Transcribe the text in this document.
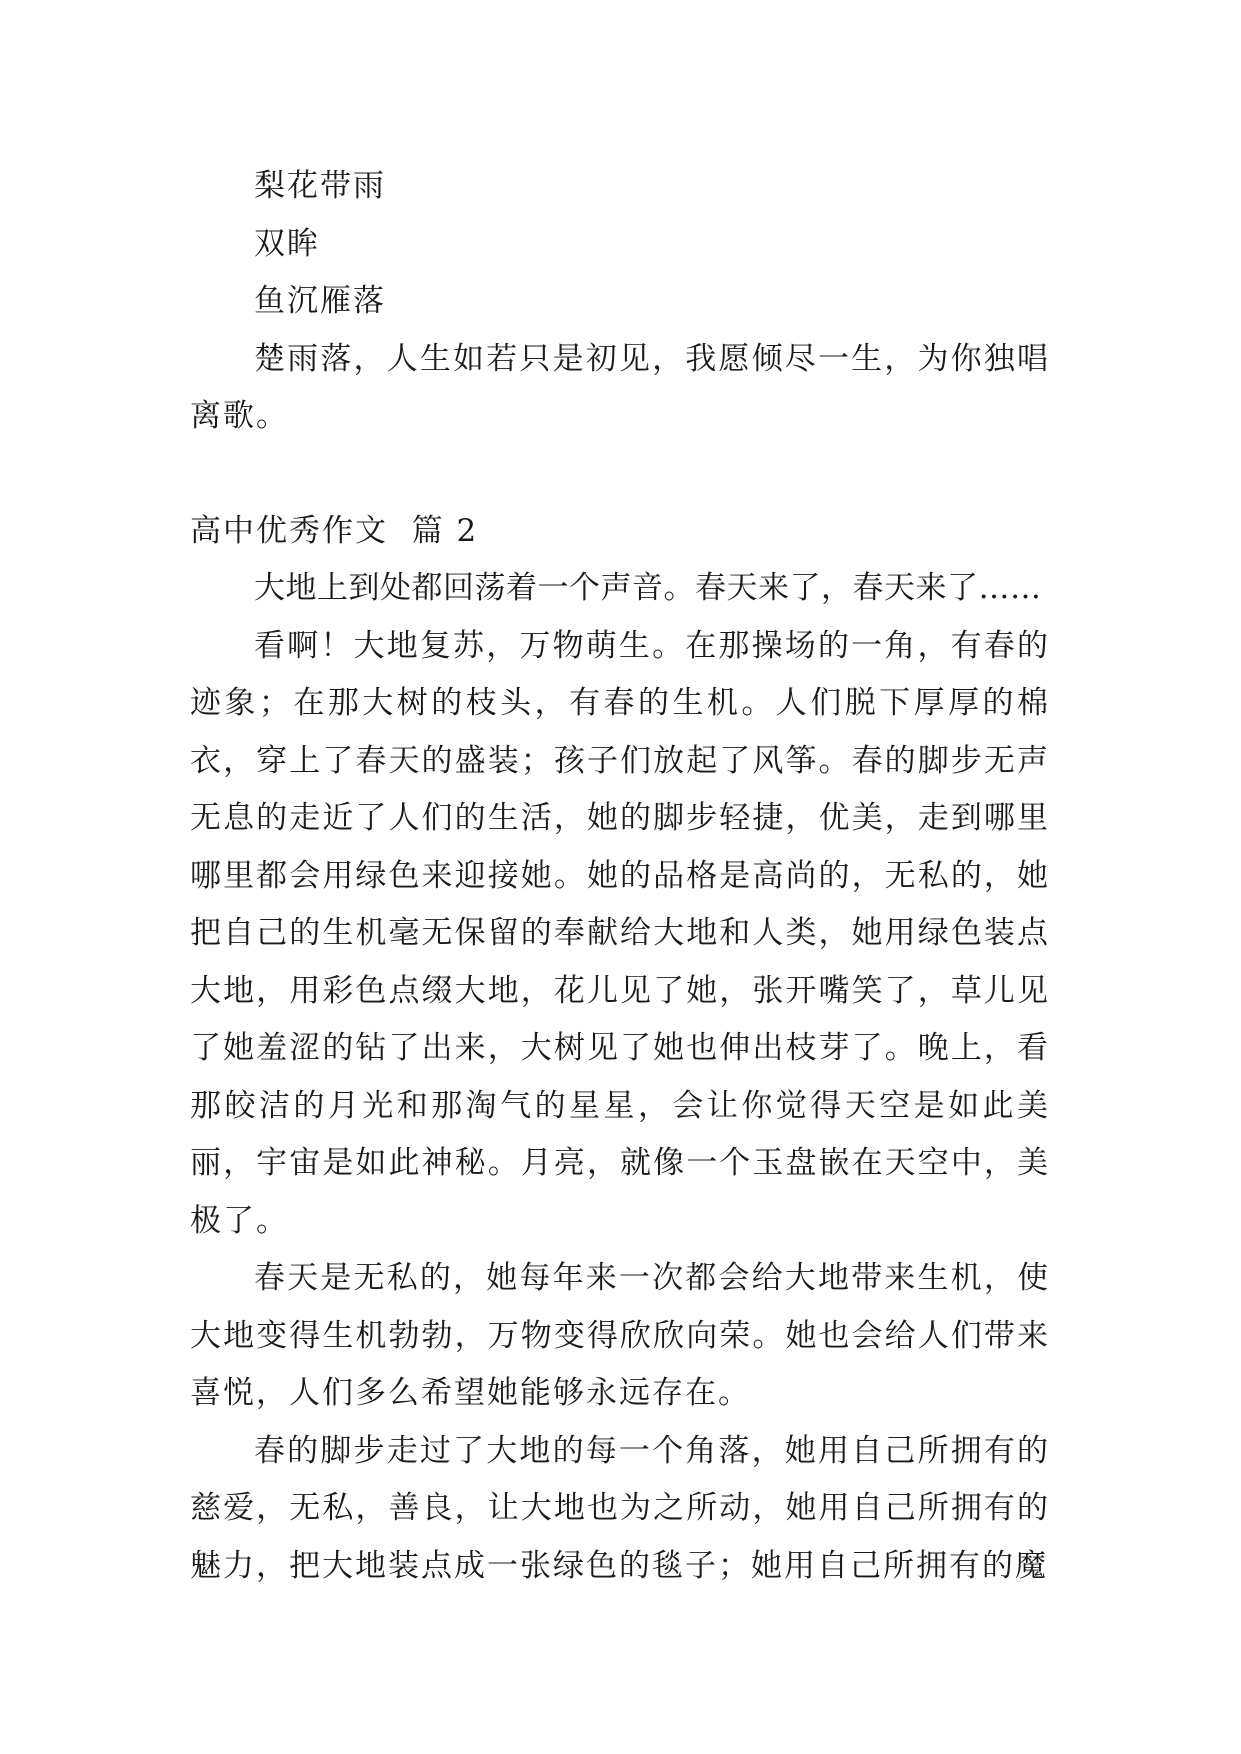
梨花带雨

双眸

鱼沉雁落

楚雨落，人生如若只是初见，我愿倾尽一生，为你独唱离歌。

高中优秀作文  篇 2

大地上到处都回荡着一个声音。春天来了，春天来了……

看啊！大地复苏，万物萌生。在那操场的一角，有春的迹象；在那大树的枝头，有春的生机。人们脱下厚厚的棉衣，穿上了春天的盛装；孩子们放起了风筝。春的脚步无声无息的走近了人们的生活，她的脚步轻捷，优美，走到哪里哪里都会用绿色来迎接她。她的品格是高尚的，无私的，她把自己的生机毫无保留的奉献给大地和人类，她用绿色装点大地，用彩色点缀大地，花儿见了她，张开嘴笑了，草儿见了她羞涩的钻了出来，大树见了她也伸出枝芽了。晚上，看那皎洁的月光和那淘气的星星，会让你觉得天空是如此美丽，宇宙是如此神秘。月亮，就像一个玉盘嵌在天空中，美极了。

春天是无私的，她每年来一次都会给大地带来生机，使大地变得生机勃勃，万物变得欣欣向荣。她也会给人们带来喜悦，人们多么希望她能够永远存在。

春的脚步走过了大地的每一个角落，她用自己所拥有的慈爱，无私，善良，让大地也为之所动，她用自己所拥有的魅力，把大地装点成一张绿色的毯子；她用自己所拥有的魔
